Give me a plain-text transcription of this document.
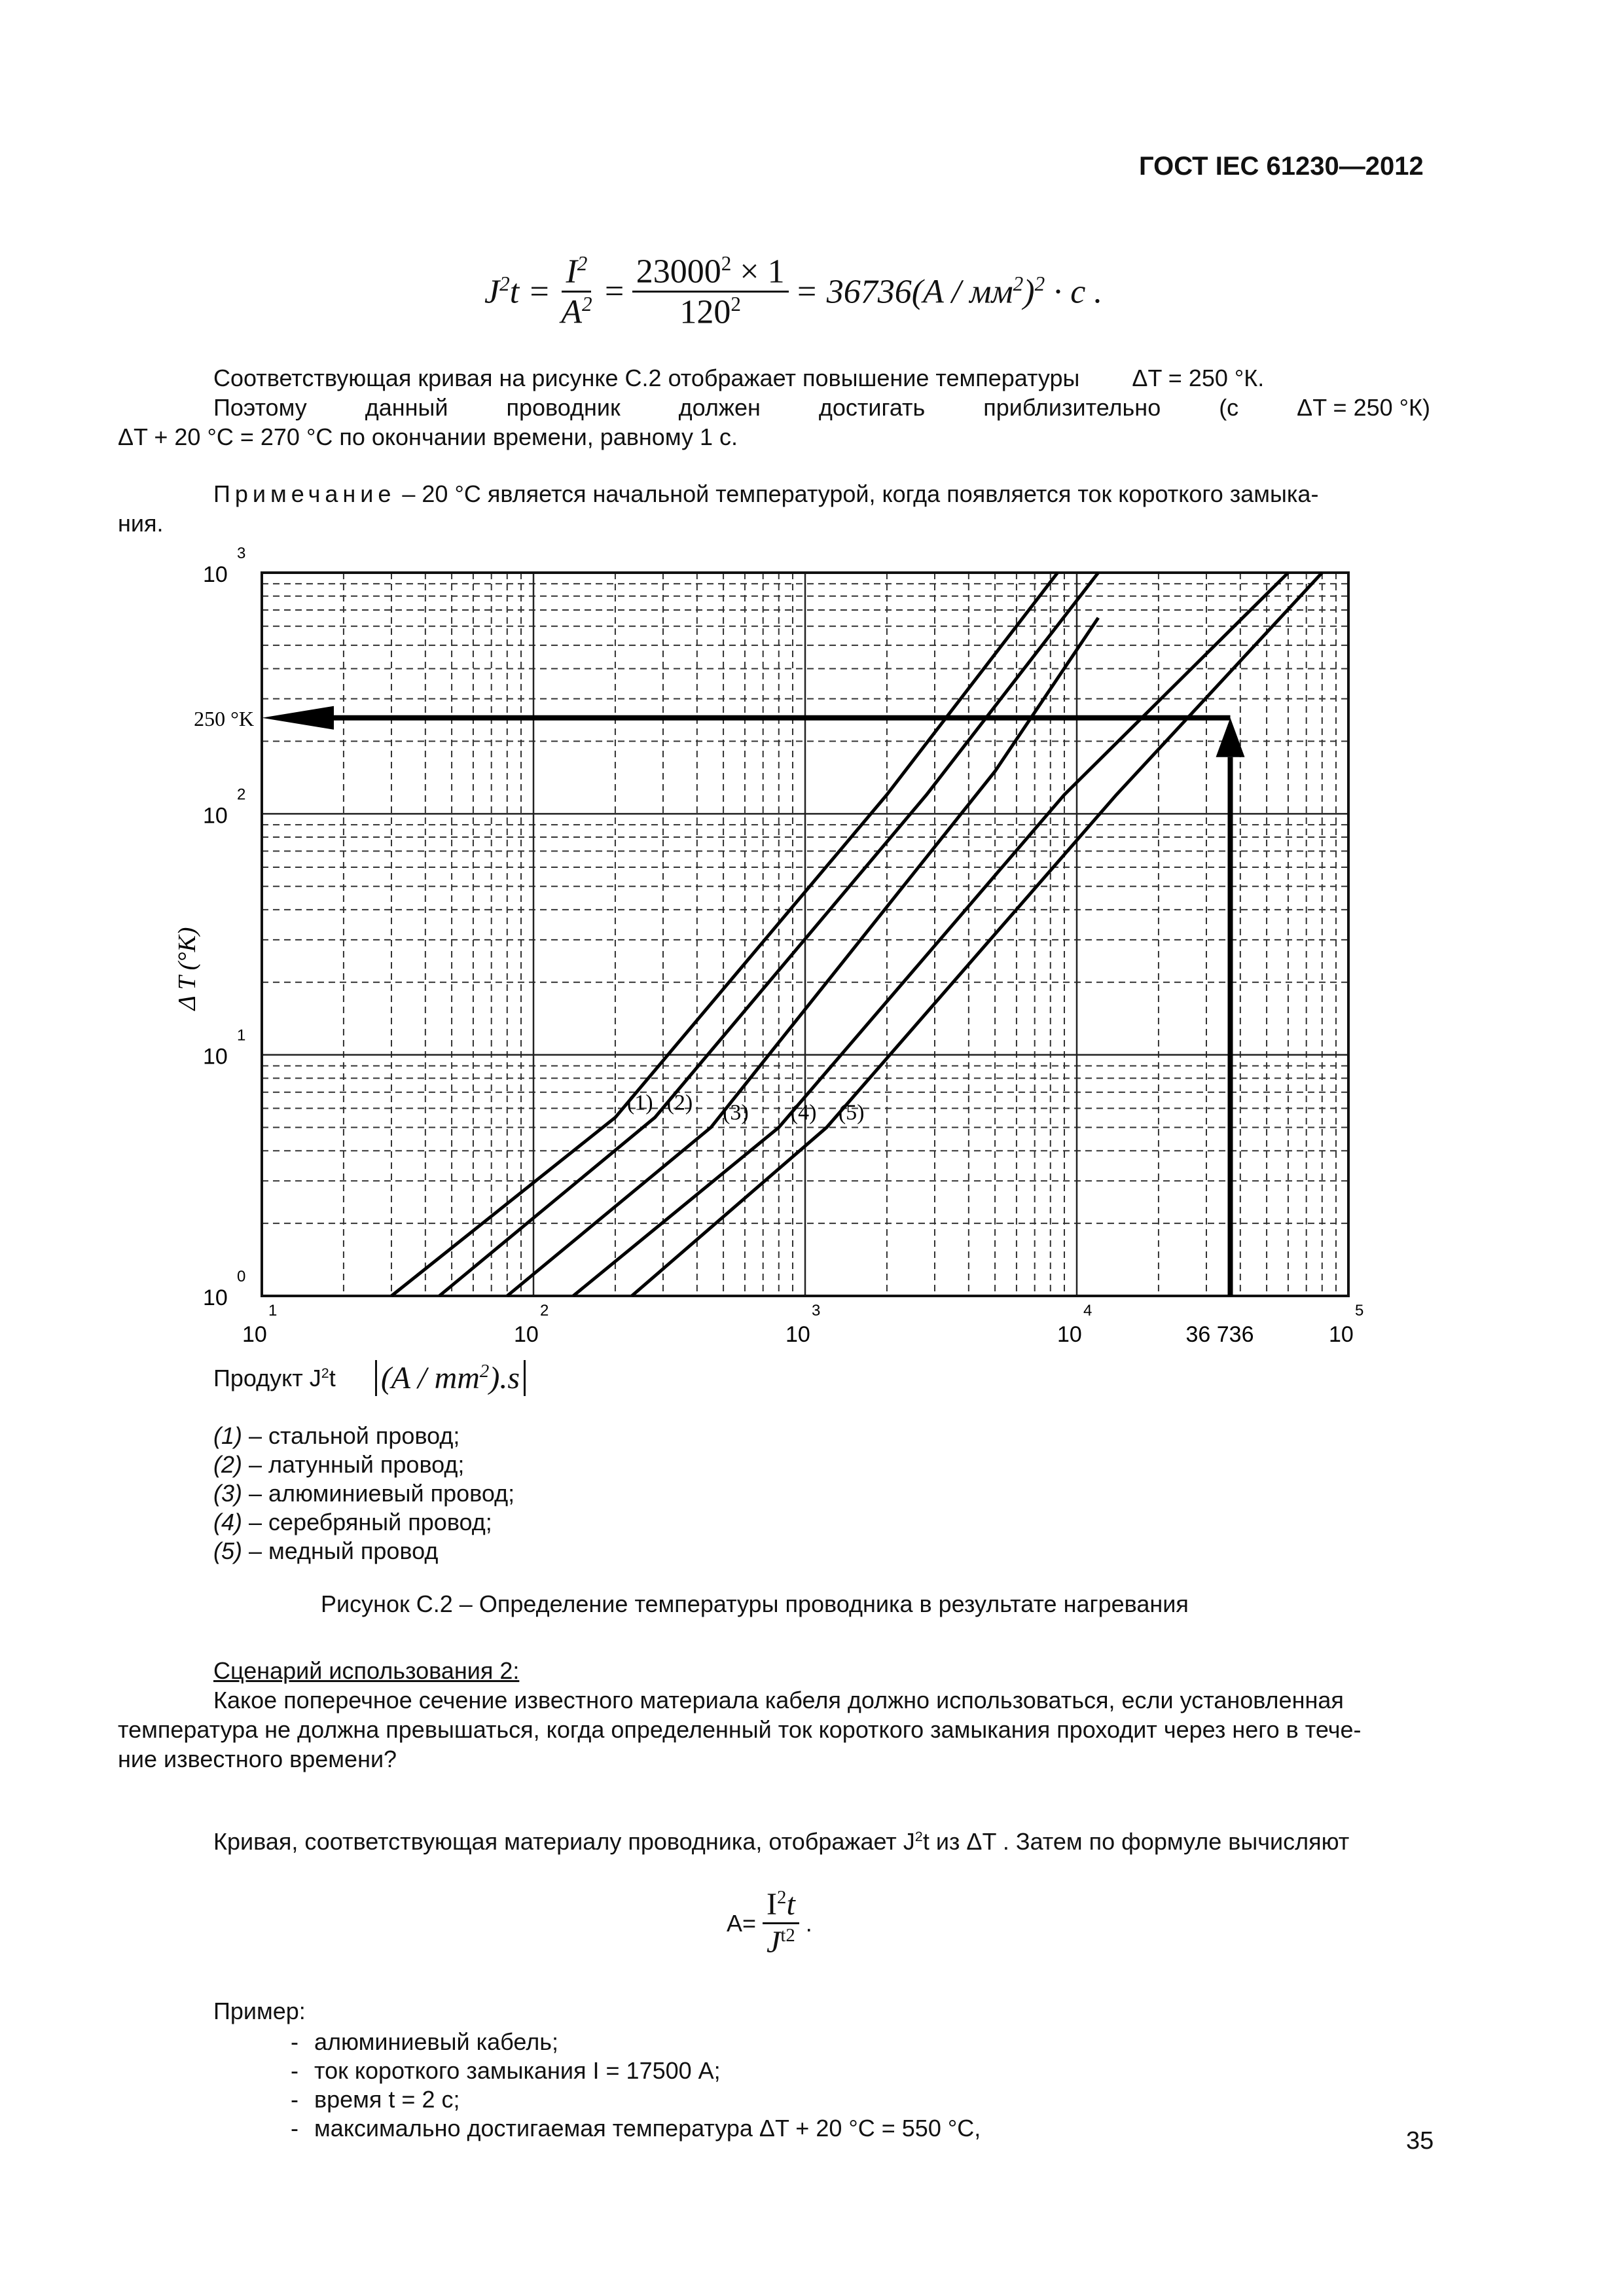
ГОСТ IEC 61230—2012
$J^2t = \frac{I^2}{A^2} = \frac{23000^2 \times 1}{120^2} = 36736(A / мм^2)^2 \cdot c$ .
Соответствующая кривая на рисунке С.2 отображает повышение температуры ΔT = 250 °К.
Поэтому данный проводник должен достигать приблизительно (с ΔT = 250 °К)
ΔT + 20 °С = 270 °С по окончании времени, равному 1 с.
Примечание – 20 °С является начальной температурой, когда появляется ток короткого замыка-
ния.
(1) (2) (3) (4) (5)
250 °K
36 736
10
1
10
2
10
3
10
4
10
5
10
0
10
1
10
2
10
3
Δ T (°K)
Продукт $J^2t$ $(A / mm^2).s$
(1) – стальной провод;
(2) – латунный провод;
(3) – алюминиевый провод;
(4) – серебряный провод;
(5) – медный провод
Рисунок С.2 – Определение температуры проводника в результате нагревания
Сценарий использования 2:
Какое поперечное сечение известного материала кабеля должно использоваться, если установленная
температура не должна превышаться, когда определенный ток короткого замыкания проходит через него в тече-
ние известного времени?
Кривая, соответствующая материалу проводника, отображает $J^2t$ из ΔT . Затем по формуле вычисляют
$A= \frac{I^2t}{J^{t2}}$ .
Пример:
алюминиевый кабель;
-
ток короткого замыкания I = 17500 А;
-
время t = 2 с;
-
максимально достигаемая температура ΔT + 20 °С = 550 °С,
-	35
